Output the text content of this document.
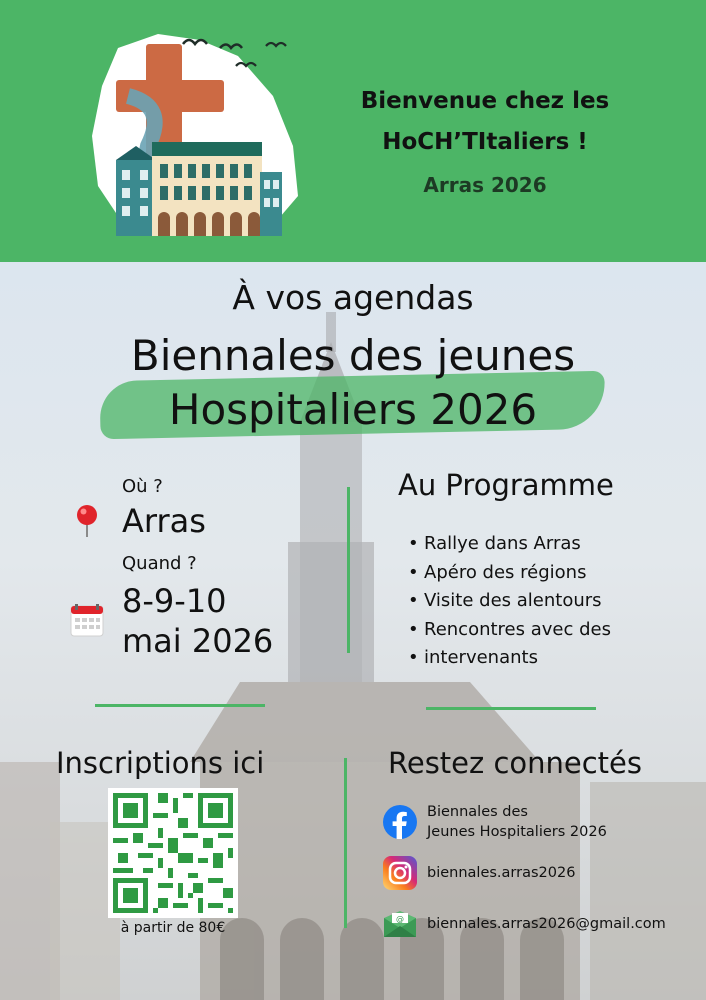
Bienvenue chez les
HoCH’TItaliers !
Arras 2026
À vos agendas
Biennales des jeunes
Hospitaliers 2026
Où ?
Arras
Quand ?
8-9-10
mai 2026
Au Programme
• Rallye dans Arras
• Apéro des régions
• Visite des alentours
• Rencontres avec des
• intervenants
Inscriptions ici
à partir de 80€
Restez connectés
Biennales des
Jeunes Hospitaliers 2026
biennales.arras2026
@ biennales.arras2026@gmail.com
